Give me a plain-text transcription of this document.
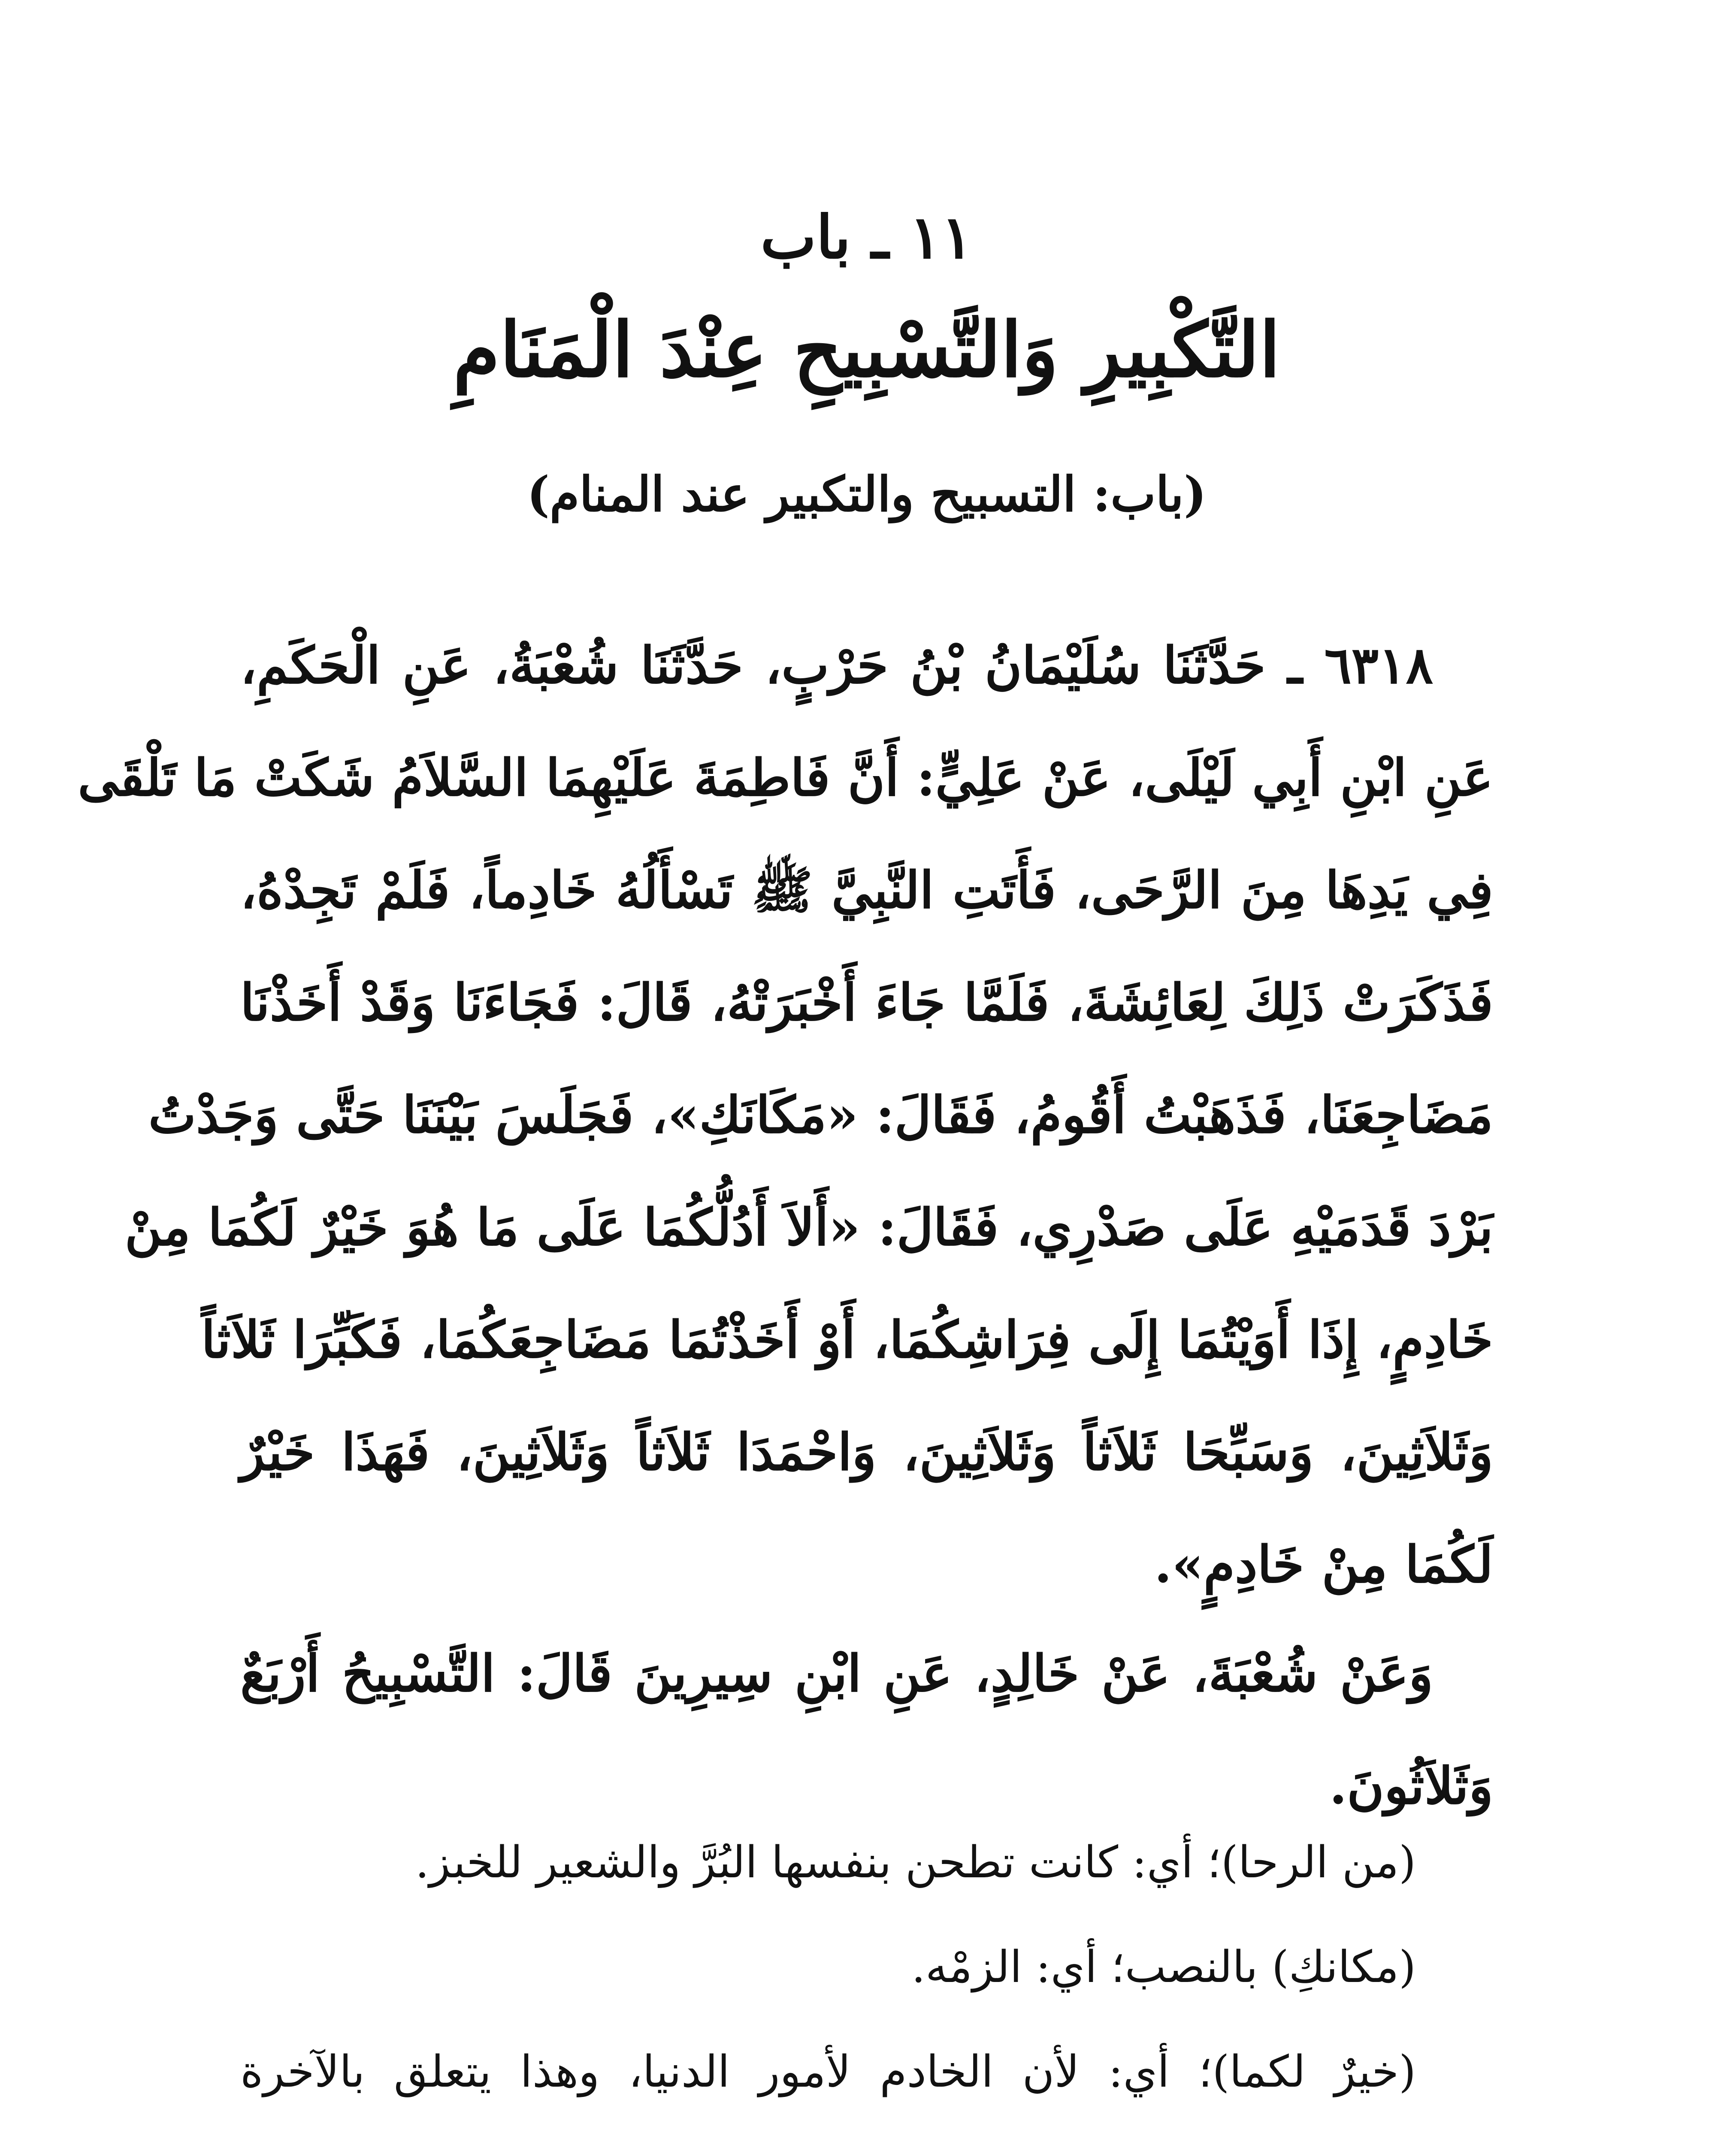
١١ ـ باب
التَّكْبِيرِ وَالتَّسْبِيحِ عِنْدَ الْمَنَامِ
(باب: التسبيح والتكبير عند المنام)
٦٣١٨ ـ حَدَّثَنَا سُلَيْمَانُ بْنُ حَرْبٍ، حَدَّثَنَا شُعْبَةُ، عَنِ الْحَكَمِ،
عَنِ ابْنِ أَبِي لَيْلَى، عَنْ عَلِيٍّ: أَنَّ فَاطِمَةَ عَلَيْهِمَا السَّلاَمُ شَكَتْ مَا تَلْقَى
فِي يَدِهَا مِنَ الرَّحَى، فَأَتَتِ النَّبِيَّ ﷺ تَسْأَلُهُ خَادِماً، فَلَمْ تَجِدْهُ،
فَذَكَرَتْ ذَلِكَ لِعَائِشَةَ، فَلَمَّا جَاءَ أَخْبَرَتْهُ، قَالَ: فَجَاءَنَا وَقَدْ أَخَذْنَا
مَضَاجِعَنَا، فَذَهَبْتُ أَقُومُ، فَقَالَ: «مَكَانَكِ»، فَجَلَسَ بَيْنَنَا حَتَّى وَجَدْتُ
بَرْدَ قَدَمَيْهِ عَلَى صَدْرِي، فَقَالَ: «أَلاَ أَدُلُّكُمَا عَلَى مَا هُوَ خَيْرٌ لَكُمَا مِنْ
خَادِمٍ، إِذَا أَوَيْتُمَا إِلَى فِرَاشِكُمَا، أَوْ أَخَذْتُمَا مَضَاجِعَكُمَا، فَكَبِّرَا ثَلاَثاً
وَثَلاَثِينَ، وَسَبِّحَا ثَلاَثاً وَثَلاَثِينَ، وَاحْمَدَا ثَلاَثاً وَثَلاَثِينَ، فَهَذَا خَيْرٌ
لَكُمَا مِنْ خَادِمٍ».
وَعَنْ شُعْبَةَ، عَنْ خَالِدٍ، عَنِ ابْنِ سِيرِينَ قَالَ: التَّسْبِيحُ أَرْبَعٌ
وَثَلاَثُونَ.
(من الرحا)؛ أي: كانت تطحن بنفسها البُرَّ والشعير للخبز.
(مكانكِ) بالنصب؛ أي: الزمْه.
(خيرٌ لكما)؛ أي: لأن الخادم لأمور الدنيا، وهذا يتعلق بالآخرة
